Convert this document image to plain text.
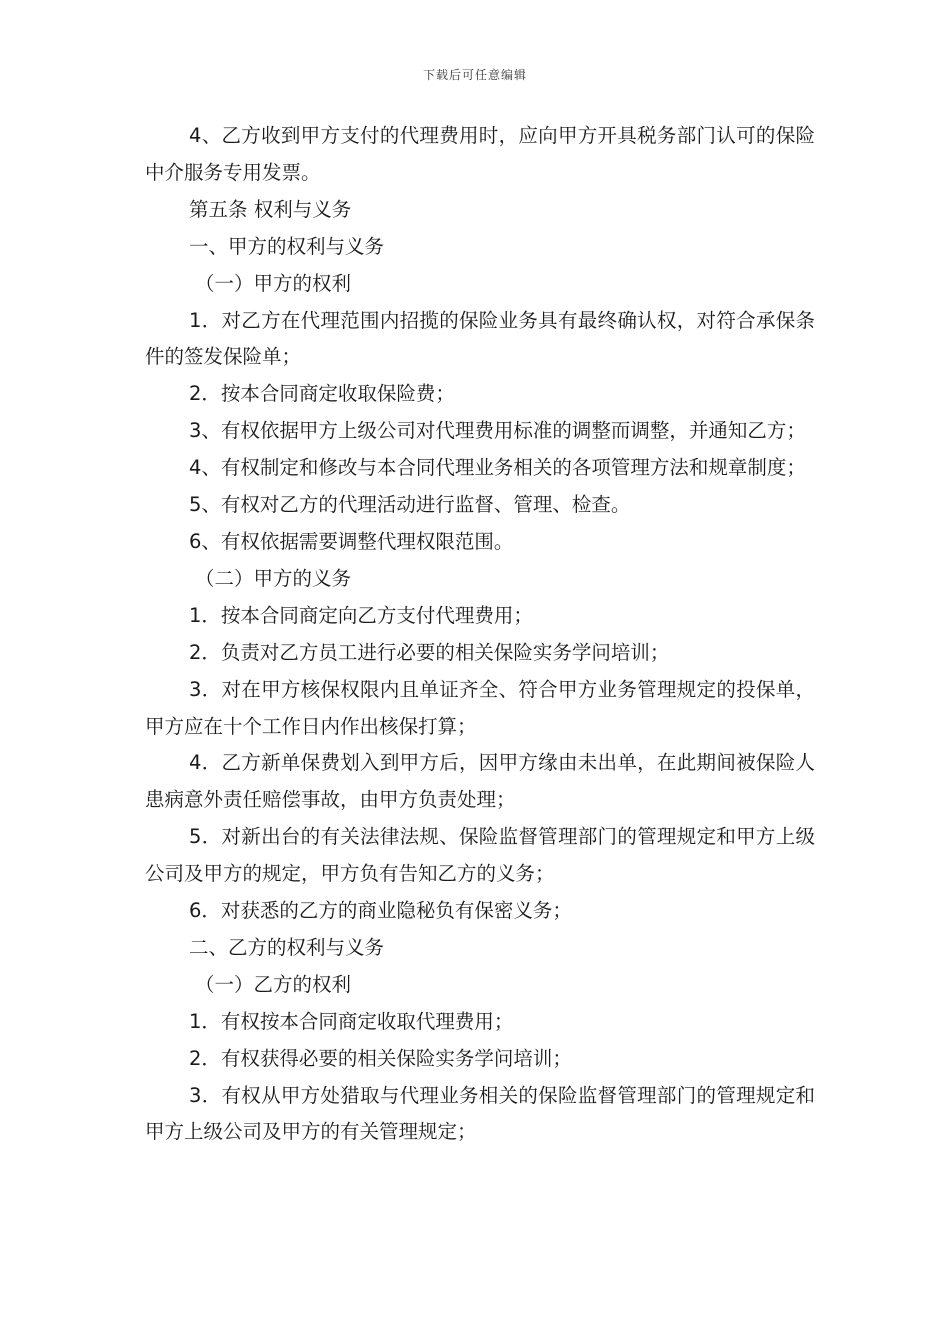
下载后可任意编辑

4、乙方收到甲方支付的代理费用时，应向甲方开具税务部门认可的保险中介服务专用发票。

第五条 权利与义务

一、甲方的权利与义务

（一）甲方的权利

1．对乙方在代理范围内招揽的保险业务具有最终确认权，对符合承保条件的签发保险单；

2．按本合同商定收取保险费；

3、有权依据甲方上级公司对代理费用标准的调整而调整，并通知乙方；

4、有权制定和修改与本合同代理业务相关的各项管理方法和规章制度；

5、有权对乙方的代理活动进行监督、管理、检查。

6、有权依据需要调整代理权限范围。

（二）甲方的义务

1．按本合同商定向乙方支付代理费用；

2．负责对乙方员工进行必要的相关保险实务学问培训；

3．对在甲方核保权限内且单证齐全、符合甲方业务管理规定的投保单，甲方应在十个工作日内作出核保打算；

4．乙方新单保费划入到甲方后，因甲方缘由未出单，在此期间被保险人患病意外责任赔偿事故，由甲方负责处理；

5．对新出台的有关法律法规、保险监督管理部门的管理规定和甲方上级公司及甲方的规定，甲方负有告知乙方的义务；

6．对获悉的乙方的商业隐秘负有保密义务；

二、乙方的权利与义务

（一）乙方的权利

1．有权按本合同商定收取代理费用；

2．有权获得必要的相关保险实务学问培训；

3．有权从甲方处猎取与代理业务相关的保险监督管理部门的管理规定和甲方上级公司及甲方的有关管理规定；
